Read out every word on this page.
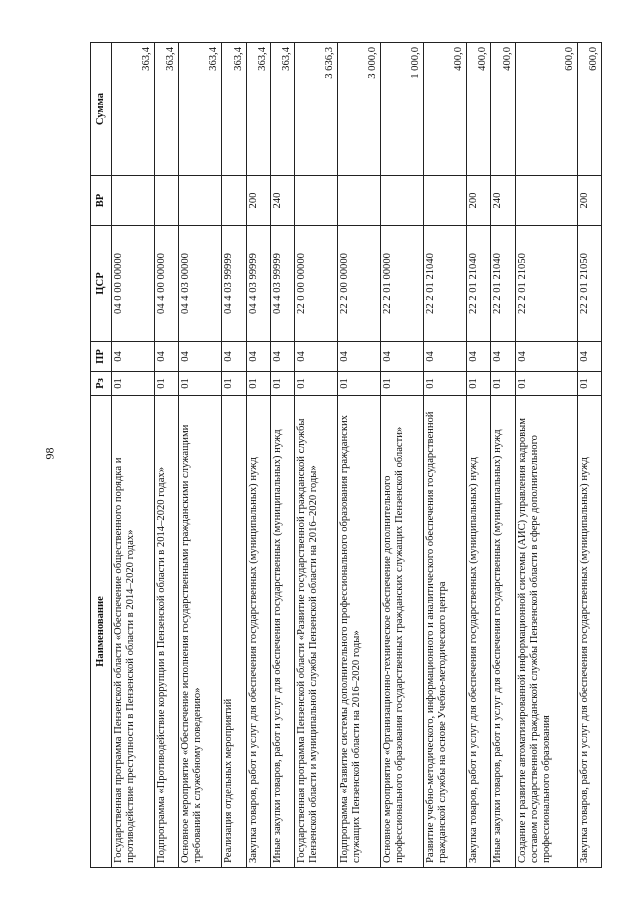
98
Наименование	Рз	ПР	ЦСР	ВР	Сумма
Государственная программа Пензенской области «Обеспечение общественного порядка и противодействие преступности в Пензенской области в 2014–2020 годах»	01	04	04 0 00 00000		363,4
Подпрограмма «Противодействие коррупции в Пензенской области в 2014–2020 годах»	01	04	04 4 00 00000		363,4
Основное мероприятие «Обеспечение исполнения государственными гражданскими служащими требований к служебному поведению»	01	04	04 4 03 00000		363,4
Реализация отдельных мероприятий	01	04	04 4 03 99999		363,4
Закупка товаров, работ и услуг для обеспечения государственных (муниципальных) нужд	01	04	04 4 03 99999	200	363,4
Иные закупки товаров, работ и услуг для обеспечения государственных (муниципальных) нужд	01	04	04 4 03 99999	240	363,4
Государственная программа Пензенской области «Развитие государственной гражданской службы Пензенской области и муниципальной службы Пензенской области на 2016–2020 годы»	01	04	22 0 00 00000		3 636,3
Подпрограмма «Развитие системы дополнительного профессионального образования гражданских служащих Пензенской области на 2016–2020 годы»	01	04	22 2 00 00000		3 000,0
Основное мероприятие «Организационно-техническое обеспечение дополнительного профессионального образования государственных гражданских служащих Пензенской области»	01	04	22 2 01 00000		1 000,0
Развитие учебно-методического, информационного и аналитического обеспечения государственной гражданской службы на основе Учебно-методического центра	01	04	22 2 01 21040		400,0
Закупка товаров, работ и услуг для обеспечения государственных (муниципальных) нужд	01	04	22 2 01 21040	200	400,0
Иные закупки товаров, работ и услуг для обеспечения государственных (муниципальных) нужд	01	04	22 2 01 21040	240	400,0
Создание и развитие автоматизированной информационной системы (АИС) управления кадровым составом государственной гражданской службы Пензенской области в сфере дополнительного профессионального образования	01	04	22 2 01 21050		600,0
Закупка товаров, работ и услуг для обеспечения государственных (муниципальных) нужд	01	04	22 2 01 21050	200	600,0
